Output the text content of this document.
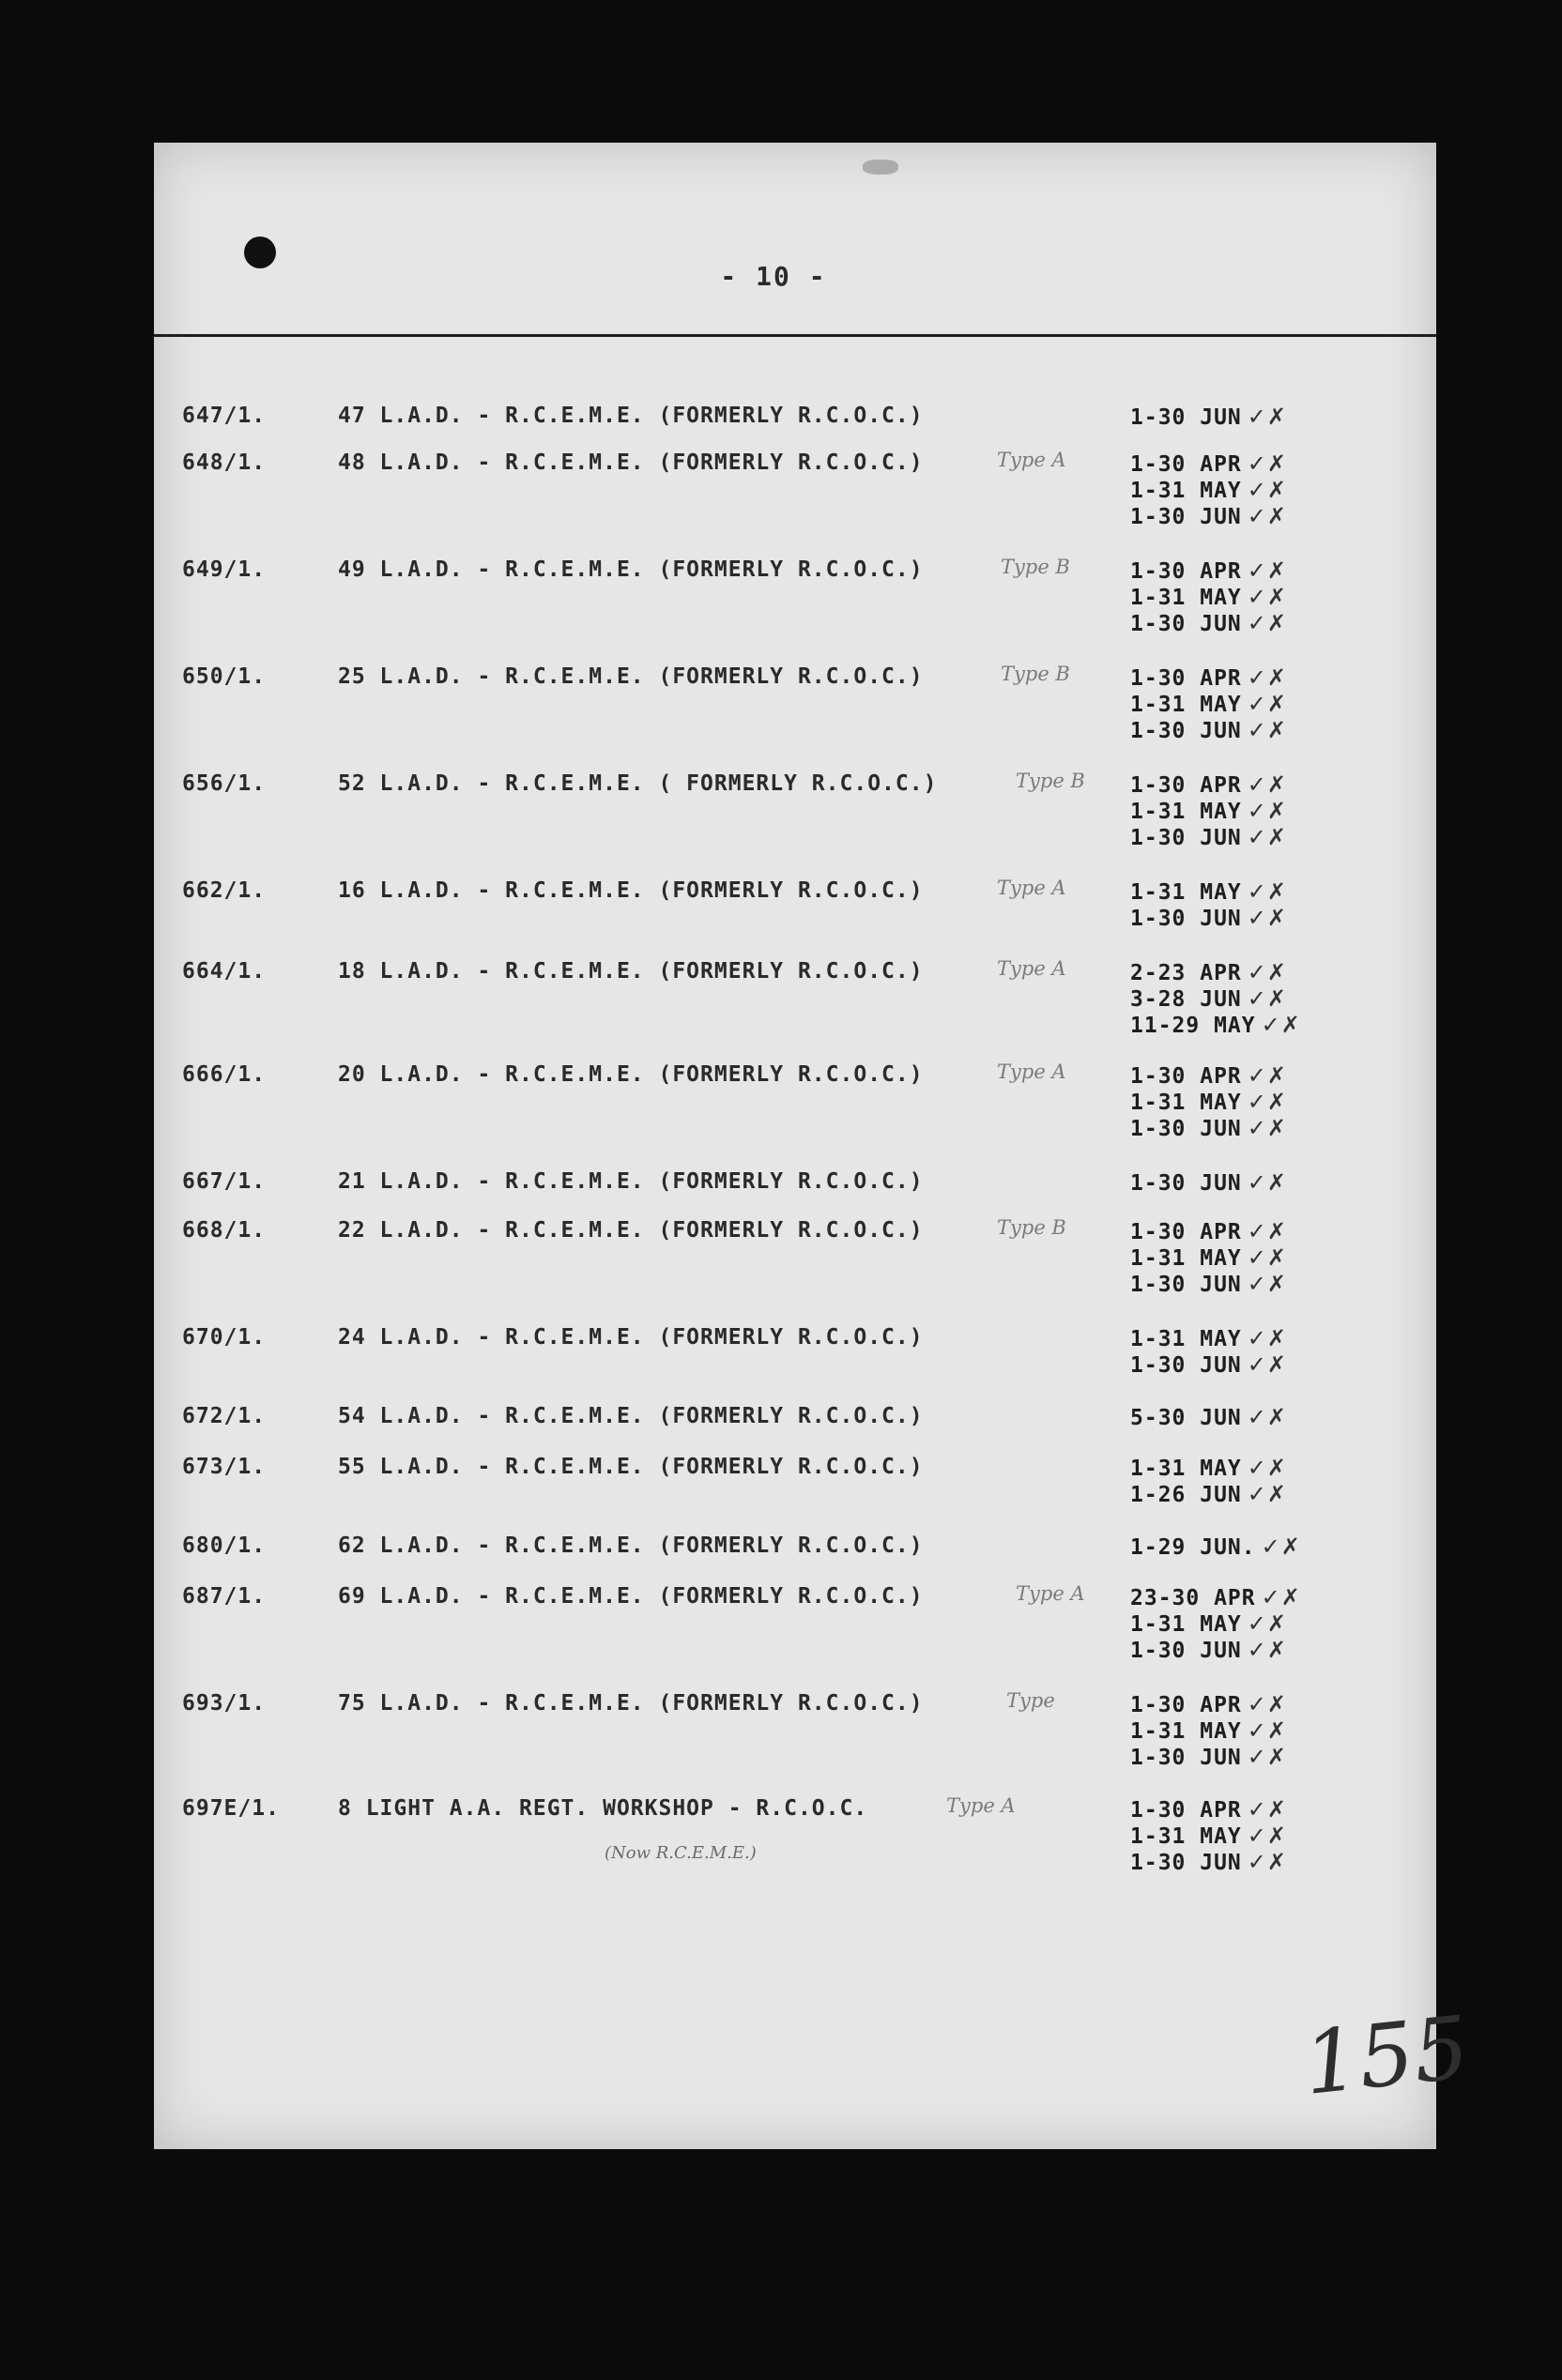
- 10 -
647/1.	47 L.A.D. - R.C.E.M.E. (FORMERLY R.C.O.C.)	1-30 JUN ✓✗
648/1.	48 L.A.D. - R.C.E.M.E. (FORMERLY R.C.O.C.)	Type A	1-30 APR ✓✗
1-31 MAY ✓✗
1-30 JUN ✓✗
649/1.	49 L.A.D. - R.C.E.M.E. (FORMERLY R.C.O.C.)	Type B	1-30 APR ✓✗
1-31 MAY ✓✗
1-30 JUN ✓✗
650/1.	25 L.A.D. - R.C.E.M.E. (FORMERLY R.C.O.C.)	Type B	1-30 APR ✓✗
1-31 MAY ✓✗
1-30 JUN ✓✗
656/1.	52 L.A.D. - R.C.E.M.E. ( FORMERLY R.C.O.C.)	Type B 1-30 APR ✓✗
1-31 MAY ✓✗
1-30 JUN ✓✗
662/1.	16 L.A.D. - R.C.E.M.E. (FORMERLY R.C.O.C.)	Type A	1-31 MAY ✓✗
1-30 JUN ✓✗
664/1.	18 L.A.D. - R.C.E.M.E. (FORMERLY R.C.O.C.)	Type A	2-23 APR ✓✗
3-28 JUN ✓✗
11-29 MAY ✓✗
666/1.	20 L.A.D. - R.C.E.M.E. (FORMERLY R.C.O.C.)	Type A	1-30 APR ✓✗
1-31 MAY ✓✗
1-30 JUN ✓✗
667/1.	21 L.A.D. - R.C.E.M.E. (FORMERLY R.C.O.C.)	1-30 JUN ✓✗
668/1.	22 L.A.D. - R.C.E.M.E. (FORMERLY R.C.O.C.)	Type B	1-30 APR ✓✗
1-31 MAY ✓✗
1-30 JUN ✓✗
670/1.	24 L.A.D. - R.C.E.M.E. (FORMERLY R.C.O.C.)	1-31 MAY ✓✗
1-30 JUN ✓✗
672/1.	54 L.A.D. - R.C.E.M.E. (FORMERLY R.C.O.C.)	5-30 JUN ✓✗
673/1.	55 L.A.D. - R.C.E.M.E. (FORMERLY R.C.O.C.)	1-31 MAY ✓✗
1-26 JUN ✓✗
680/1.	62 L.A.D. - R.C.E.M.E. (FORMERLY R.C.O.C.)	1-29 JUN. ✓✗
687/1.	69 L.A.D. - R.C.E.M.E. (FORMERLY R.C.O.C.)	Type A 23-30 APR ✓✗
1-31 MAY ✓✗
1-30 JUN ✓✗
693/1.	75 L.A.D. - R.C.E.M.E. (FORMERLY R.C.O.C.)	Type	1-30 APR ✓✗
1-31 MAY ✓✗
1-30 JUN ✓✗
697E/1.	8 LIGHT A.A. REGT. WORKSHOP - R.C.O.C.	Type A
(Now R.C.E.M.E.)
1-30 APR ✓✗
1-31 MAY ✓✗
1-30 JUN ✓✗
155
